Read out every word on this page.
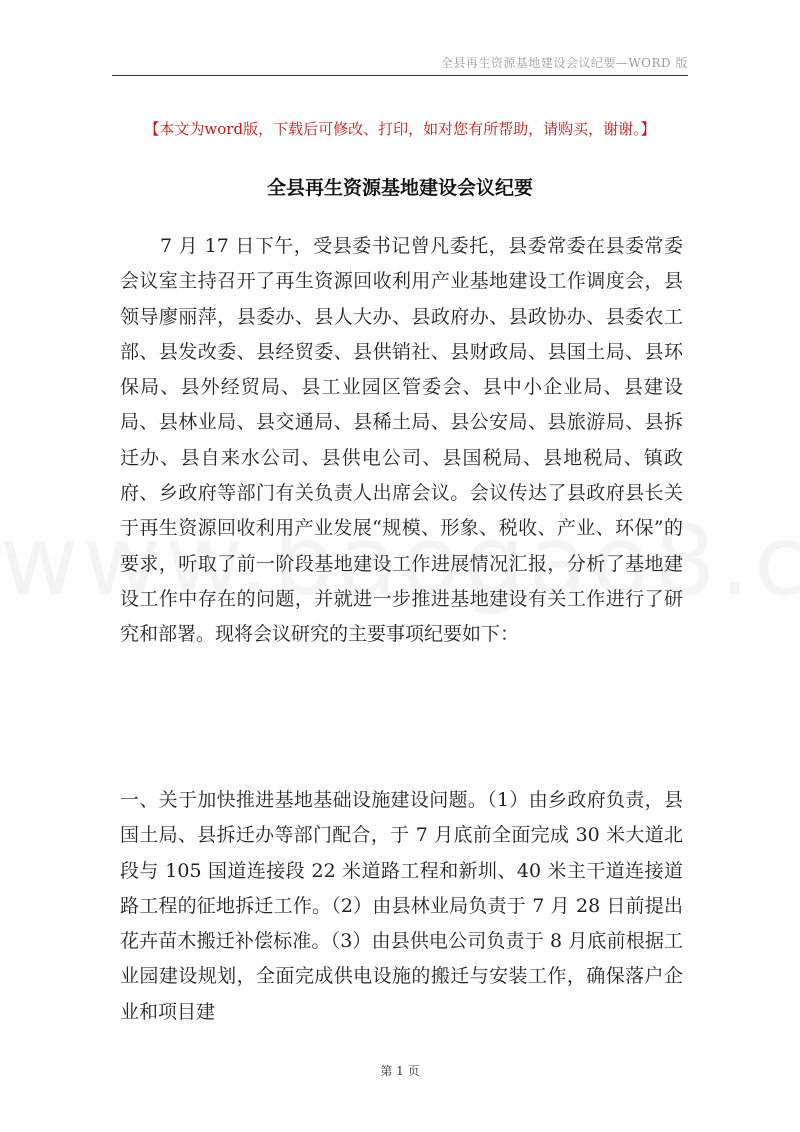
全县再生资源基地建设会议纪要—WORD 版
【本文为word版，下载后可修改、打印，如对您有所帮助，请购买，谢谢。】
全县再生资源基地建设会议纪要

7 月 17 日下午，受县委书记曾凡委托，县委常委在县委常委会议室主持召开了再生资源回收利用产业基地建设工作调度会，县领导廖丽萍，县委办、县人大办、县政府办、县政协办、县委农工部、县发改委、县经贸委、县供销社、县财政局、县国土局、县环保局、县外经贸局、县工业园区管委会、县中小企业局、县建设局、县林业局、县交通局、县稀土局、县公安局、县旅游局、县拆迁办、县自来水公司、县供电公司、县国税局、县地税局、镇政府、乡政府等部门有关负责人出席会议。会议传达了县政府县长关于再生资源回收利用产业发展“规模、形象、税收、产业、环保”的要求，听取了前一阶段基地建设工作进展情况汇报，分析了基地建设工作中存在的问题，并就进一步推进基地建设有关工作进行了研究和部署。现将会议研究的主要事项纪要如下：

一、关于加快推进基地基础设施建设问题。（1）由乡政府负责，县国土局、县拆迁办等部门配合，于 7 月底前全面完成 30 米大道北段与 105 国道连接段 22 米道路工程和新圳、40 米主干道连接道路工程的征地拆迁工作。（2）由县林业局负责于 7 月 28 日前提出花卉苗木搬迁补偿标准。（3）由县供电公司负责于 8 月底前根据工业园建设规划，全面完成供电设施的搬迁与安装工作，确保落户企业和项目建

第 1 页
